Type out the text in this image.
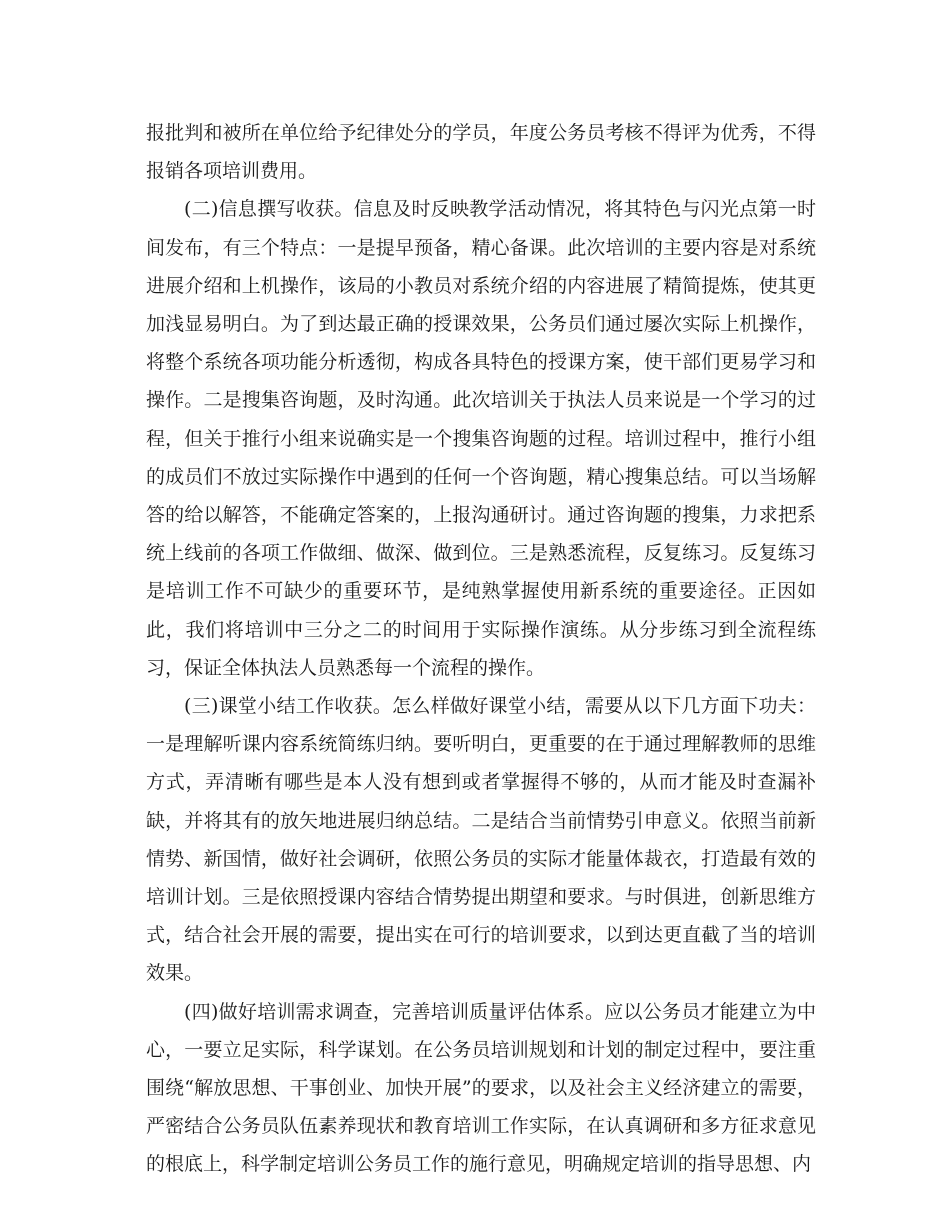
报批判和被所在单位给予纪律处分的学员，年度公务员考核不得评为优秀，不得报销各项培训费用。

(二)信息撰写收获。信息及时反映教学活动情况，将其特色与闪光点第一时间发布，有三个特点：一是提早预备，精心备课。此次培训的主要内容是对系统进展介绍和上机操作，该局的小教员对系统介绍的内容进展了精简提炼，使其更加浅显易明白。为了到达最正确的授课效果，公务员们通过屡次实际上机操作，将整个系统各项功能分析透彻，构成各具特色的授课方案，使干部们更易学习和操作。二是搜集咨询题，及时沟通。此次培训关于执法人员来说是一个学习的过程，但关于推行小组来说确实是一个搜集咨询题的过程。培训过程中，推行小组的成员们不放过实际操作中遇到的任何一个咨询题，精心搜集总结。可以当场解答的给以解答，不能确定答案的，上报沟通研讨。通过咨询题的搜集，力求把系统上线前的各项工作做细、做深、做到位。三是熟悉流程，反复练习。反复练习是培训工作不可缺少的重要环节，是纯熟掌握使用新系统的重要途径。正因如此，我们将培训中三分之二的时间用于实际操作演练。从分步练习到全流程练习，保证全体执法人员熟悉每一个流程的操作。

(三)课堂小结工作收获。怎么样做好课堂小结，需要从以下几方面下功夫：一是理解听课内容系统简练归纳。要听明白，更重要的在于通过理解教师的思维方式，弄清晰有哪些是本人没有想到或者掌握得不够的，从而才能及时查漏补缺，并将其有的放矢地进展归纳总结。二是结合当前情势引申意义。依照当前新情势、新国情，做好社会调研，依照公务员的实际才能量体裁衣，打造最有效的培训计划。三是依照授课内容结合情势提出期望和要求。与时俱进，创新思维方式，结合社会开展的需要，提出实在可行的培训要求，以到达更直截了当的培训效果。

(四)做好培训需求调查，完善培训质量评估体系。应以公务员才能建立为中心，一要立足实际，科学谋划。在公务员培训规划和计划的制定过程中，要注重围绕“解放思想、干事创业、加快开展”的要求，以及社会主义经济建立的需要，严密结合公务员队伍素养现状和教育培训工作实际，在认真调研和多方征求意见的根底上，科学制定培训公务员工作的施行意见，明确规定培训的指导思想、内
